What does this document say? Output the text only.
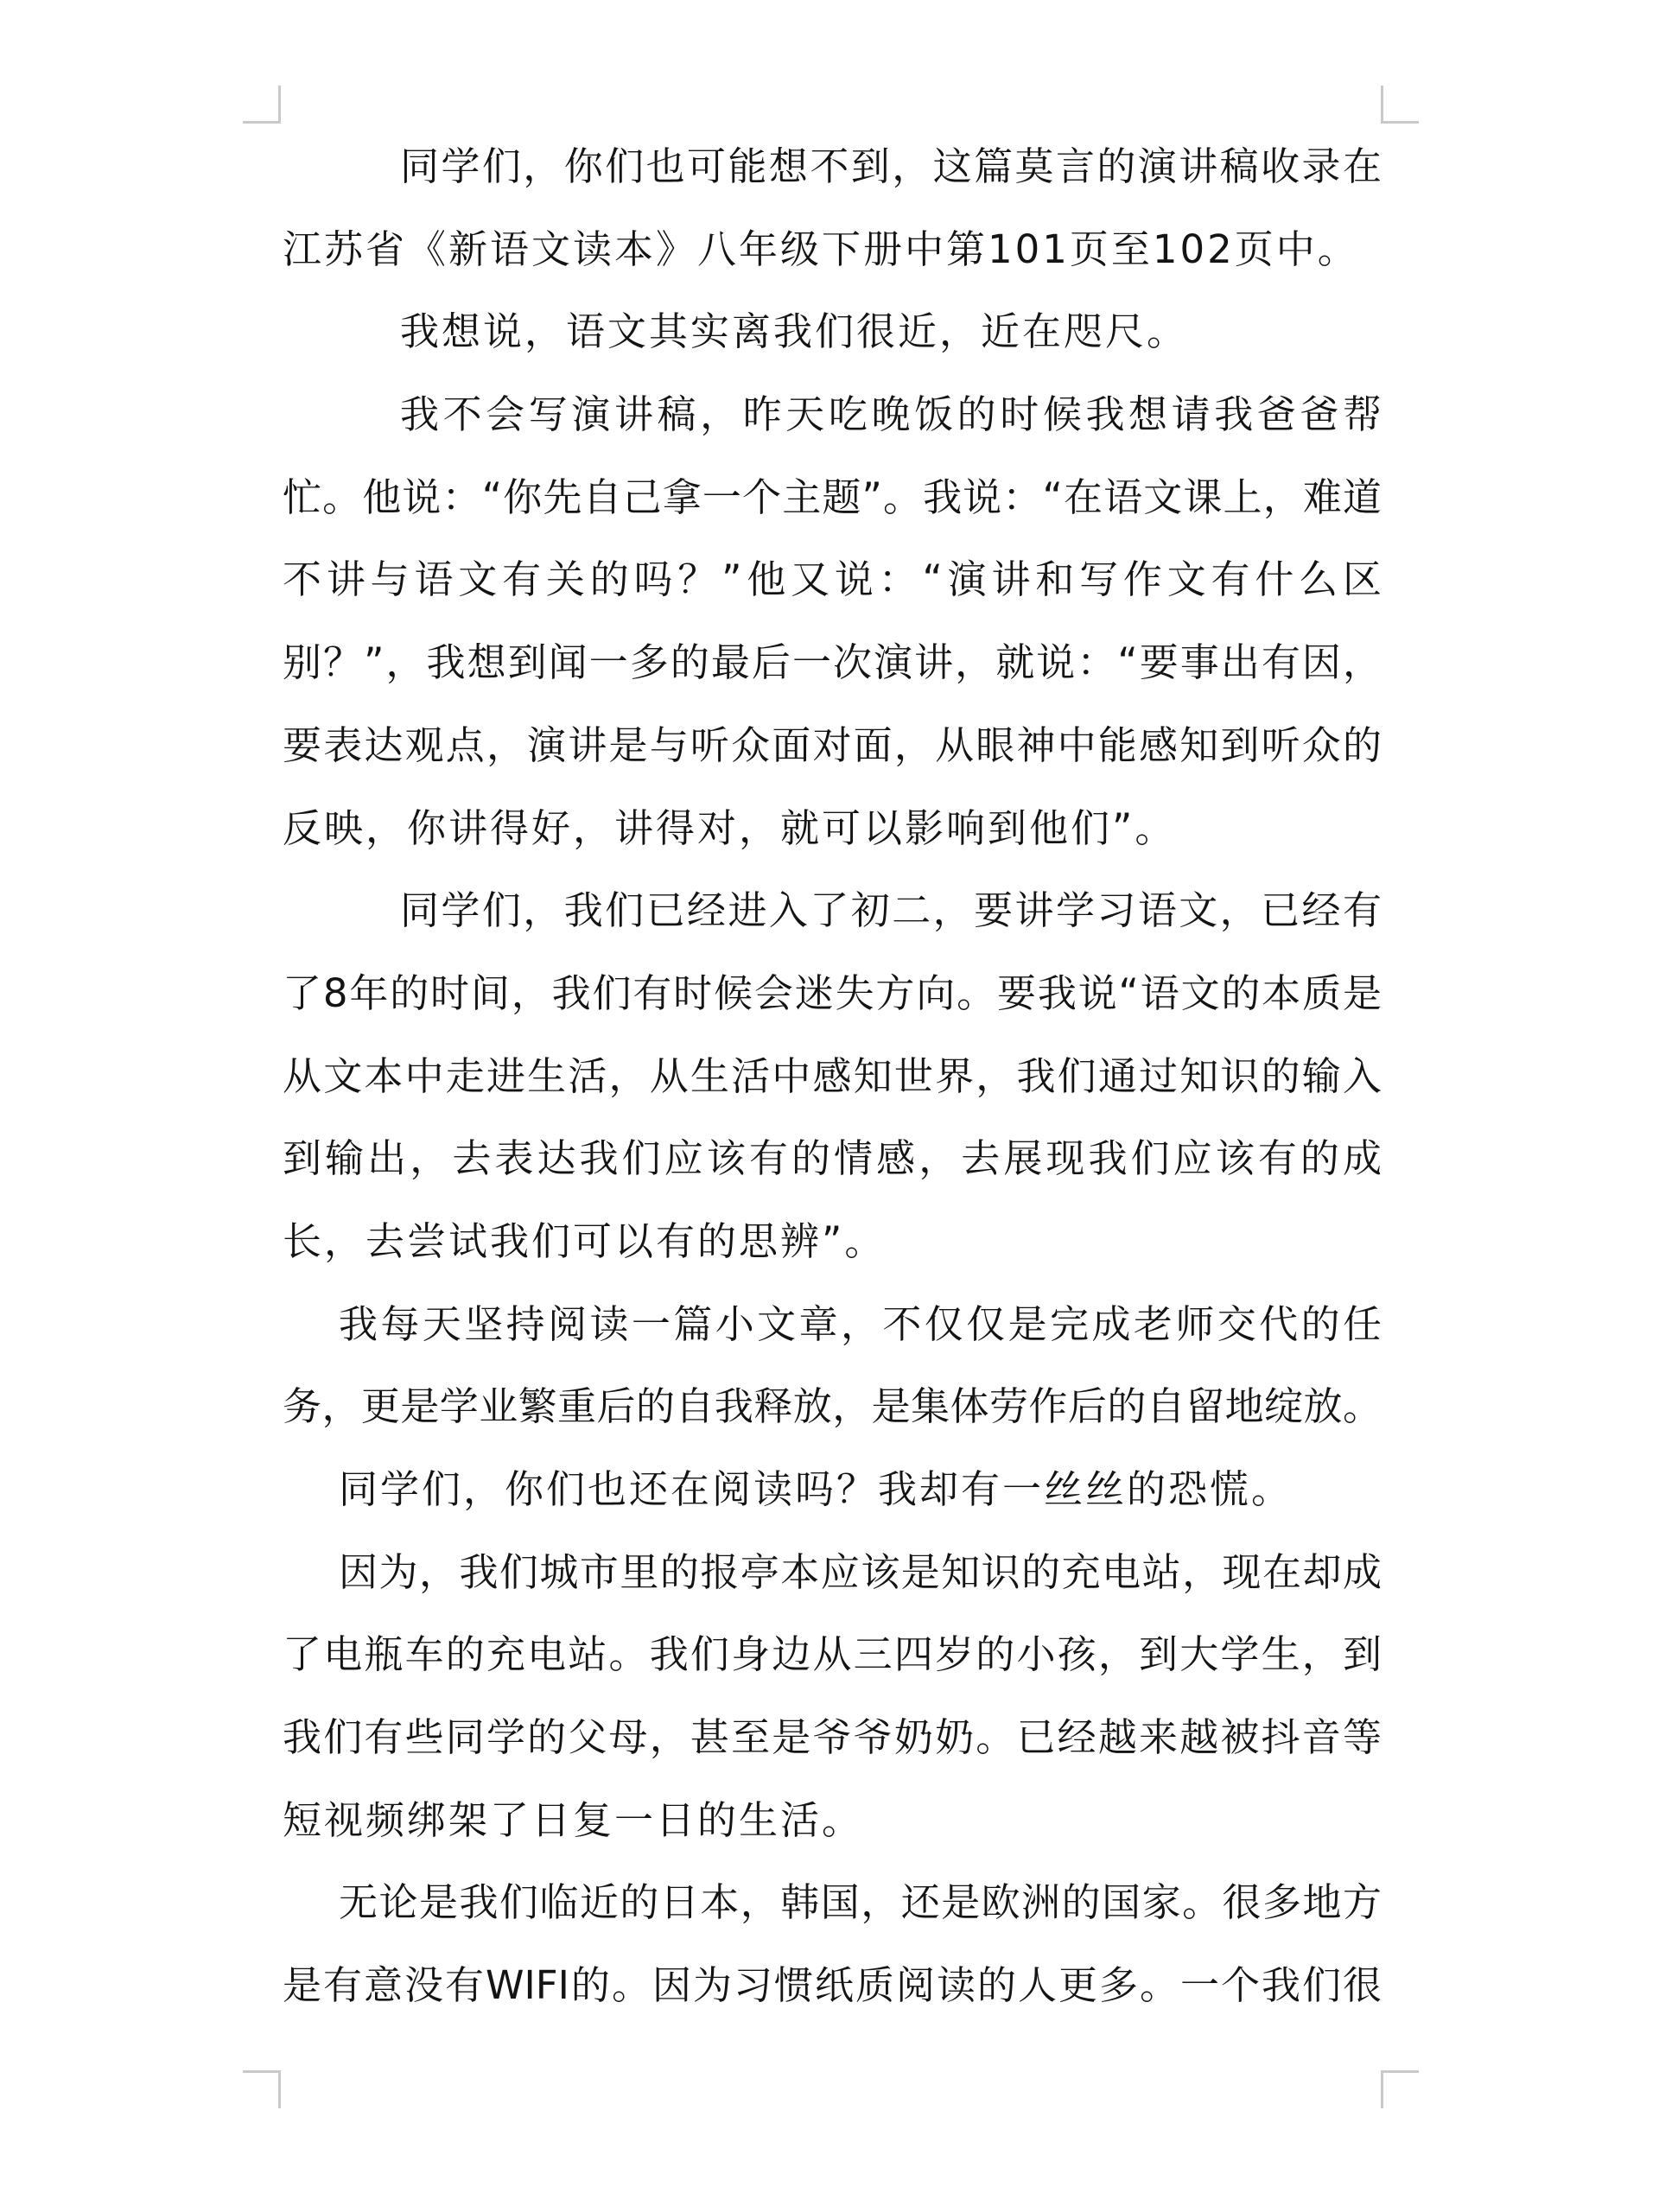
同学们，你们也可能想不到，这篇莫言的演讲稿收录在
江苏省《新语文读本》八年级下册中第101页至102页中。
我想说，语文其实离我们很近，近在咫尺。
我不会写演讲稿，昨天吃晚饭的时候我想请我爸爸帮
忙。他说：“你先自己拿一个主题”。我说：“在语文课上，难道
不讲与语文有关的吗？”他又说：“演讲和写作文有什么区
别？”，我想到闻一多的最后一次演讲，就说：“要事出有因，
要表达观点，演讲是与听众面对面，从眼神中能感知到听众的
反映，你讲得好，讲得对，就可以影响到他们”。
同学们，我们已经进入了初二，要讲学习语文，已经有
了8年的时间，我们有时候会迷失方向。要我说“语文的本质是
从文本中走进生活，从生活中感知世界，我们通过知识的输入
到输出，去表达我们应该有的情感，去展现我们应该有的成
长，去尝试我们可以有的思辨”。
我每天坚持阅读一篇小文章，不仅仅是完成老师交代的任
务，更是学业繁重后的自我释放，是集体劳作后的自留地绽放。
同学们，你们也还在阅读吗？我却有一丝丝的恐慌。
因为，我们城市里的报亭本应该是知识的充电站，现在却成
了电瓶车的充电站。我们身边从三四岁的小孩，到大学生，到
我们有些同学的父母，甚至是爷爷奶奶。已经越来越被抖音等
短视频绑架了日复一日的生活。
无论是我们临近的日本，韩国，还是欧洲的国家。很多地方
是有意没有WIFI的。因为习惯纸质阅读的人更多。一个我们很
